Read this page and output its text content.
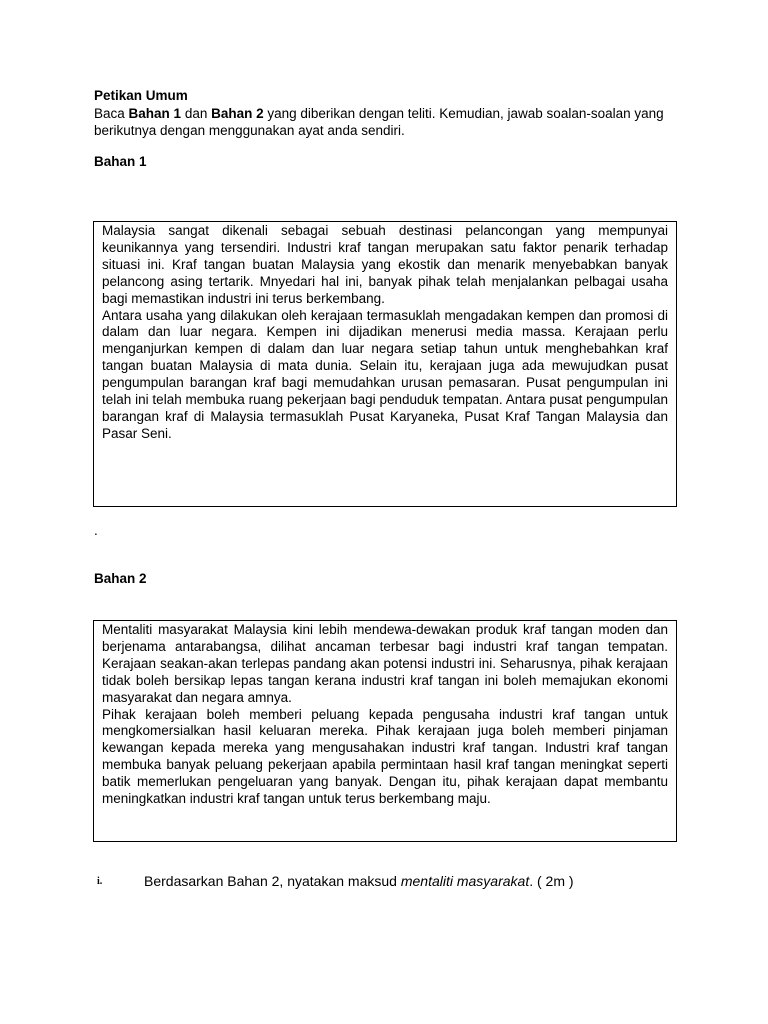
Petikan Umum
Baca Bahan 1 dan Bahan 2 yang diberikan dengan teliti. Kemudian, jawab soalan-soalan yang berikutnya dengan menggunakan ayat anda sendiri.
Bahan 1

Malaysia sangat dikenali sebagai sebuah destinasi pelancongan yang mempunyai keunikannya yang tersendiri. Industri kraf tangan merupakan satu faktor penarik terhadap situasi ini. Kraf tangan buatan Malaysia yang ekostik dan menarik menyebabkan banyak pelancong asing tertarik. Mnyedari hal ini, banyak pihak telah menjalankan pelbagai usaha bagi memastikan industri ini terus berkembang.

Antara usaha yang dilakukan oleh kerajaan termasuklah mengadakan kempen dan promosi di dalam dan luar negara. Kempen ini dijadikan menerusi media massa. Kerajaan perlu menganjurkan kempen di dalam dan luar negara setiap tahun untuk menghebahkan kraf tangan buatan Malaysia di mata dunia. Selain itu, kerajaan juga ada mewujudkan pusat pengumpulan barangan kraf bagi memudahkan urusan pemasaran. Pusat pengumpulan ini telah ini telah membuka ruang pekerjaan bagi penduduk tempatan. Antara pusat pengumpulan barangan kraf di Malaysia termasuklah Pusat Karyaneka, Pusat Kraf Tangan Malaysia dan Pasar Seni.

.
Bahan 2

Mentaliti masyarakat Malaysia kini lebih mendewa-dewakan produk kraf tangan moden dan berjenama antarabangsa, dilihat ancaman terbesar bagi industri kraf tangan tempatan. Kerajaan seakan-akan terlepas pandang akan potensi industri ini. Seharusnya, pihak kerajaan tidak boleh bersikap lepas tangan kerana industri kraf tangan ini boleh memajukan ekonomi masyarakat dan negara amnya.

Pihak kerajaan boleh memberi peluang kepada pengusaha industri kraf tangan untuk mengkomersialkan hasil keluaran mereka. Pihak kerajaan juga boleh memberi pinjaman kewangan kepada mereka yang mengusahakan industri kraf tangan. Industri kraf tangan membuka banyak peluang pekerjaan apabila permintaan hasil kraf tangan meningkat seperti batik memerlukan pengeluaran yang banyak. Dengan itu, pihak kerajaan dapat membantu meningkatkan industri kraf tangan untuk terus berkembang maju.

i.	Berdasarkan Bahan 2, nyatakan maksud mentaliti masyarakat. ( 2m )
